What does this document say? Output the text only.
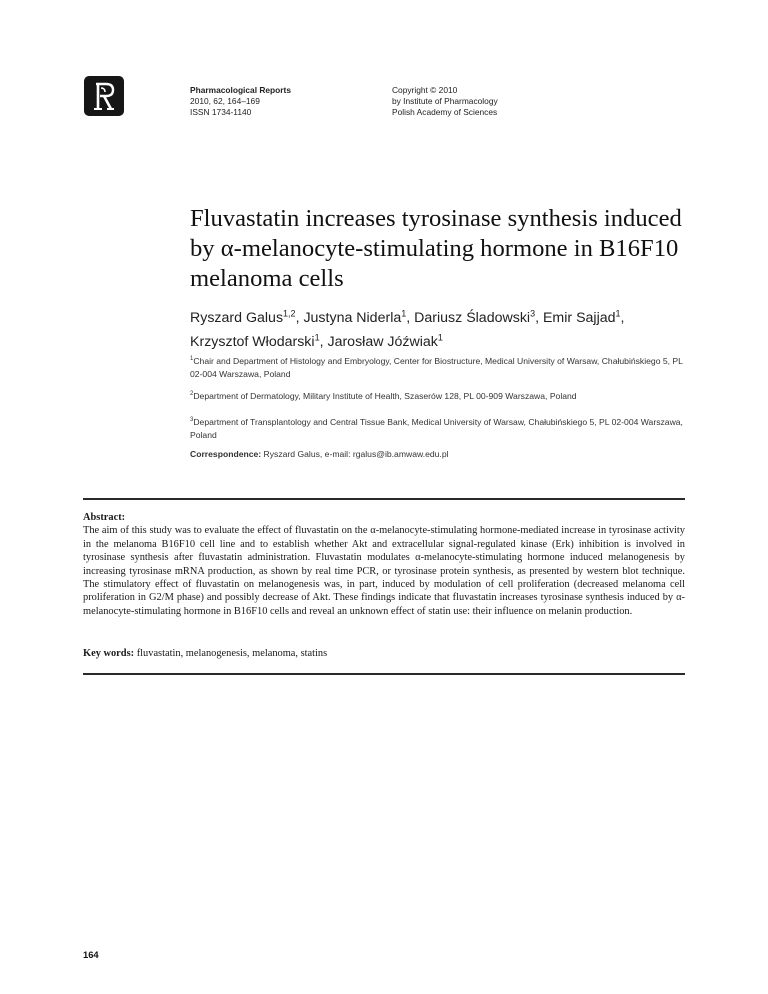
Pharmacological Reports
2010, 62, 164–169
ISSN 1734-1140
Copyright © 2010
by Institute of Pharmacology
Polish Academy of Sciences
Fluvastatin increases tyrosinase synthesis induced by α-melanocyte-stimulating hormone in B16F10 melanoma cells
Ryszard Galus$^{1,2}$, Justyna Niderla$^1$, Dariusz Śladowski$^3$, Emir Sajjad$^1$,
Krzysztof Włodarski$^1$, Jarosław Jóźwiak$^1$
$^1$Chair and Department of Histology and Embryology, Center for Biostructure, Medical University of Warsaw, Chałubińskiego 5, PL 02-004 Warszawa, Poland
$^2$Department of Dermatology, Military Institute of Health, Szaserów 128, PL 00-909 Warszawa, Poland
$^3$Department of Transplantology and Central Tissue Bank, Medical University of Warsaw, Chałubińskiego 5, PL 02-004 Warszawa, Poland
Correspondence: Ryszard Galus, e-mail: rgalus@ib.amwaw.edu.pl
Abstract:
The aim of this study was to evaluate the effect of fluvastatin on the α-melanocyte-stimulating hormone-mediated increase in tyrosinase activity in the melanoma B16F10 cell line and to establish whether Akt and extracellular signal-regulated kinase (Erk) inhibition is involved in tyrosinase synthesis after fluvastatin administration. Fluvastatin modulates α-melanocyte-stimulating hormone induced melanogenesis by increasing tyrosinase mRNA production, as shown by real time PCR, or tyrosinase protein synthesis, as presented by western blot technique. The stimulatory effect of fluvastatin on melanogenesis was, in part, induced by modulation of cell proliferation (decreased melanoma cell proliferation in G2/M phase) and possibly decrease of Akt. These findings indicate that fluvastatin increases tyrosinase synthesis induced by α-melanocyte-stimulating hormone in B16F10 cells and reveal an unknown effect of statin use: their influence on melanin production.
Key words: fluvastatin, melanogenesis, melanoma, statins
164
